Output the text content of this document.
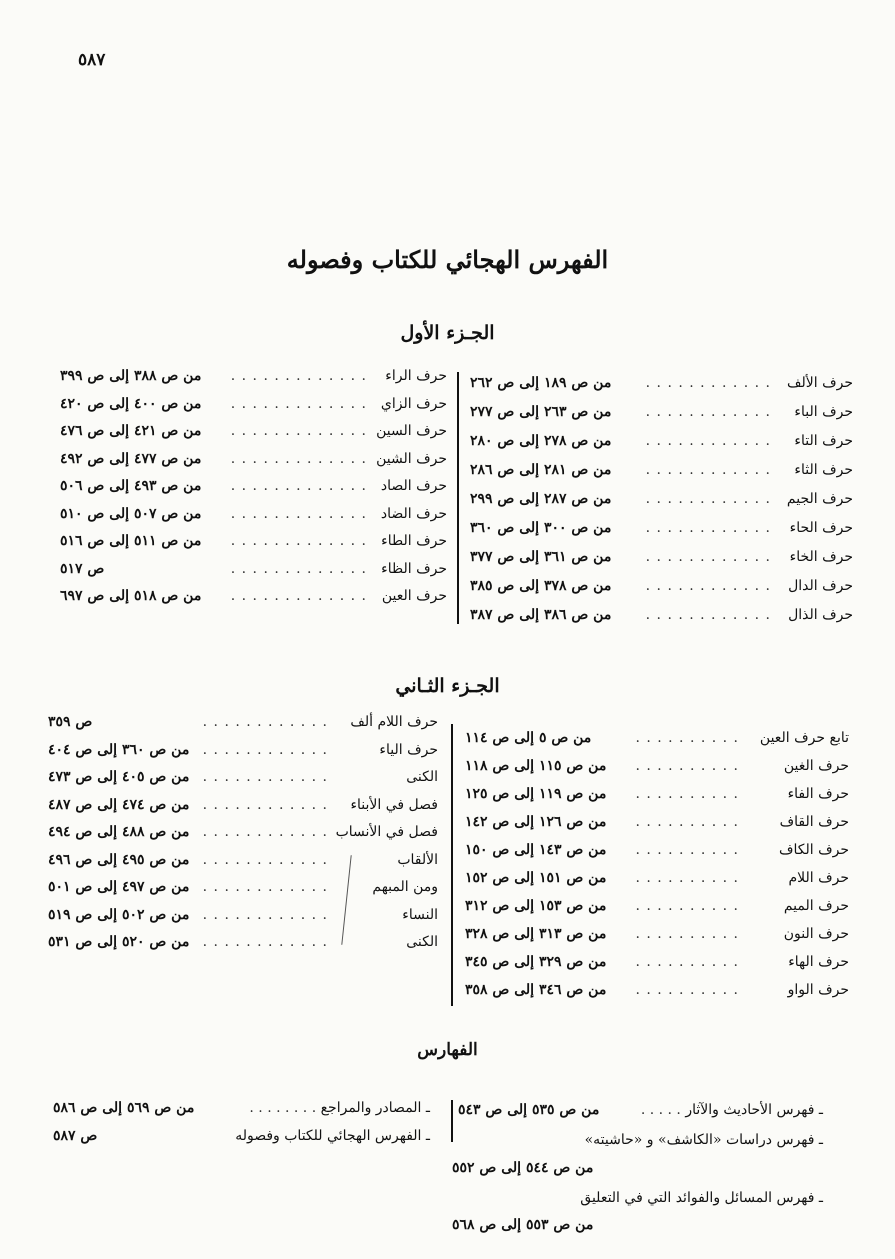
٥٨٧
الفهرس الهجائي للكتاب وفصوله
الجـزء الأول
حرف الألف
. . .
من ص ١٨٩ إلى ص ٢٦٢
حرف الباء
. . .
من ص ٢٦٣ إلى ص ٢٧٧
حرف التاء
. . .
من ص ٢٧٨ إلى ص ٢٨٠
حرف الثاء
. . .
من ص ٢٨١ إلى ص ٢٨٦
حرف الجيم
. . .
من ص ٢٨٧ إلى ص ٢٩٩
حرف الحاء
. . .
من ص ٣٠٠ إلى ص ٣٦٠
حرف الخاء
. . .
من ص ٣٦١ إلى ص ٣٧٧
حرف الدال
. . .
من ص ٣٧٨ إلى ص ٣٨٥
حرف الذال
. . .
من ص ٣٨٦ إلى ص ٣٨٧
حرف الراء
. . .
من ص ٣٨٨ إلى ص ٣٩٩
حرف الزاي
. . .
من ص ٤٠٠ إلى ص ٤٢٠
حرف السين
. . .
من ص ٤٢١ إلى ص ٤٧٦
حرف الشين
. . .
من ص ٤٧٧ إلى ص ٤٩٢
حرف الصاد
. . .
من ص ٤٩٣ إلى ص ٥٠٦
حرف الضاد
. . .
من ص ٥٠٧ إلى ص ٥١٠
حرف الطاء
. . .
من ص ٥١١ إلى ص ٥١٦
حرف الظاء
. . .
ص ٥١٧
حرف العين
. . .
من ص ٥١٨ إلى ص ٦٩٧
الجـزء الثـاني
تابع حرف العين
. . .
من ص ٥ إلى ص ١١٤
حرف الغين
. . .
من ص ١١٥ إلى ص ١١٨
حرف الفاء
. . .
من ص ١١٩ إلى ص ١٢٥
حرف القاف
. . .
من ص ١٢٦ إلى ص ١٤٢
حرف الكاف
. . .
من ص ١٤٣ إلى ص ١٥٠
حرف اللام
. . .
من ص ١٥١ إلى ص ١٥٢
حرف الميم
. . .
من ص ١٥٣ إلى ص ٣١٢
حرف النون
. . .
من ص ٣١٣ إلى ص ٣٢٨
حرف الهاء
. . .
من ص ٣٢٩ إلى ص ٣٤٥
حرف الواو
. . .
من ص ٣٤٦ إلى ص ٣٥٨
حرف اللام ألف
. . .
ص ٣٥٩
حرف الياء
. . .
من ص ٣٦٠ إلى ص ٤٠٤
الكنى
. . .
من ص ٤٠٥ إلى ص ٤٧٣
فصل في الأبناء
. . .
من ص ٤٧٤ إلى ص ٤٨٧
فصل في الأنساب
. . .
من ص ٤٨٨ إلى ص ٤٩٤
الألقاب
. . .
من ص ٤٩٥ إلى ص ٤٩٦
ومن المبهم
. . .
من ص ٤٩٧ إلى ص ٥٠١
النساء
. . .
من ص ٥٠٢ إلى ص ٥١٩
الكنى
. . .
من ص ٥٢٠ إلى ص ٥٣١
الفهارس
ـ فهرس الأحاديث والآثار . . . . .
من ص ٥٣٥ إلى ص ٥٤٣
ـ فهرس دراسات «الكاشف» و «حاشيته»
من ص ٥٤٤ إلى ص ٥٥٢
ـ فهرس المسائل والفوائد التي في التعليق
من ص ٥٥٣ إلى ص ٥٦٨
ـ المصادر والمراجع . . . . . . . .
من ص ٥٦٩ إلى ص ٥٨٦
ـ الفهرس الهجائي للكتاب وفصوله
ص ٥٨٧
